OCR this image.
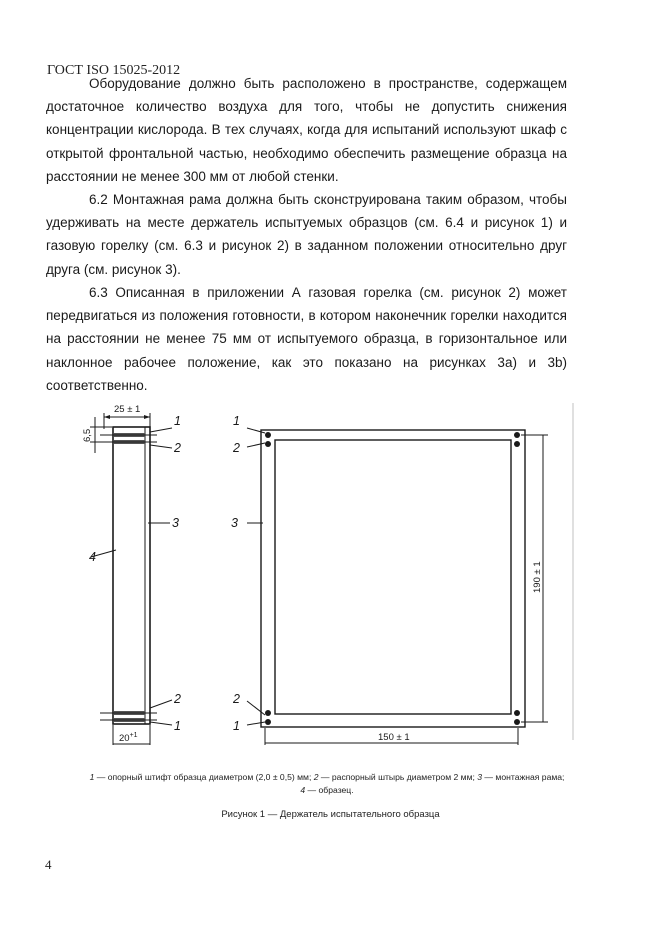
ГОСТ ISO 15025-2012

Оборудование должно быть расположено в пространстве, содержащем достаточное количество воздуха для того, чтобы не допустить снижения концентрации кислорода. В тех случаях, когда для испытаний используют шкаф с открытой фронтальной частью, необходимо обеспечить размещение образца на расстоянии не менее 300 мм от любой стенки.

6.2 Монтажная рама должна быть сконструирована таким образом, чтобы удерживать на месте держатель испытуемых образцов (см. 6.4 и рисунок 1) и газовую горелку (см. 6.3 и рисунок 2) в заданном положении относительно друг друга (см. рисунок 3).

6.3 Описанная в приложении А газовая горелка (см. рисунок 2) может передвигаться из положения готовности, в котором наконечник горелки находится на расстоянии не менее 75 мм от испытуемого образца, в горизонтальное или наклонное рабочее положение, как это показано на рисунках 3а) и 3b) соответственно.

1
2
3
4
2
1
1
2
3
2
1
25 ± 1
6,5
$20^{+1}$
190 ± 1
150 ± 1

1 — опорный штифт образца диаметром (2,0 ± 0,5) мм; 2 — распорный штырь диаметром 2 мм; 3 — монтажная рама;
4 — образец.

Рисунок 1 — Держатель испытательного образца
4
